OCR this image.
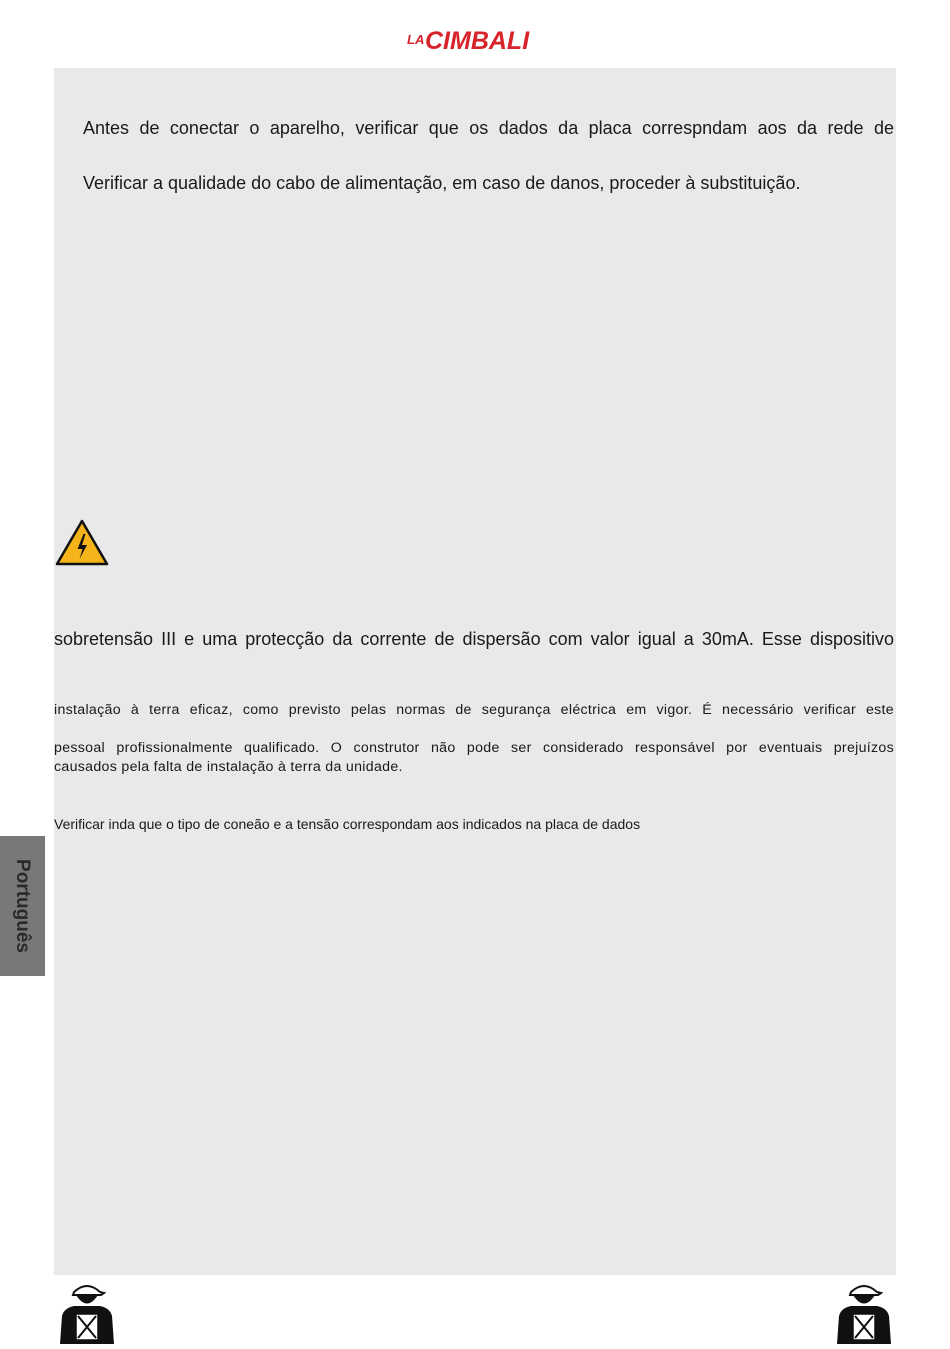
LA CIMBALI

Antes de conectar o aparelho, verificar que os dados da placa correspndam aos da rede de

Verificar a qualidade do cabo de alimentação, em caso de danos, proceder à substituição.

sobretensão III e uma protecção da corrente de dispersão com valor igual a 30mA. Esse dispositivo

instalação à terra eficaz, como previsto pelas normas de segurança eléctrica em vigor. É necessário verificar este

pessoal profissionalmente qualificado. O construtor não pode ser considerado responsável por eventuais prejuízos

causados pela falta de instalação à terra da unidade.

Verificar inda que o tipo de coneão e a tensão correspondam aos indicados na placa de dados

Português
